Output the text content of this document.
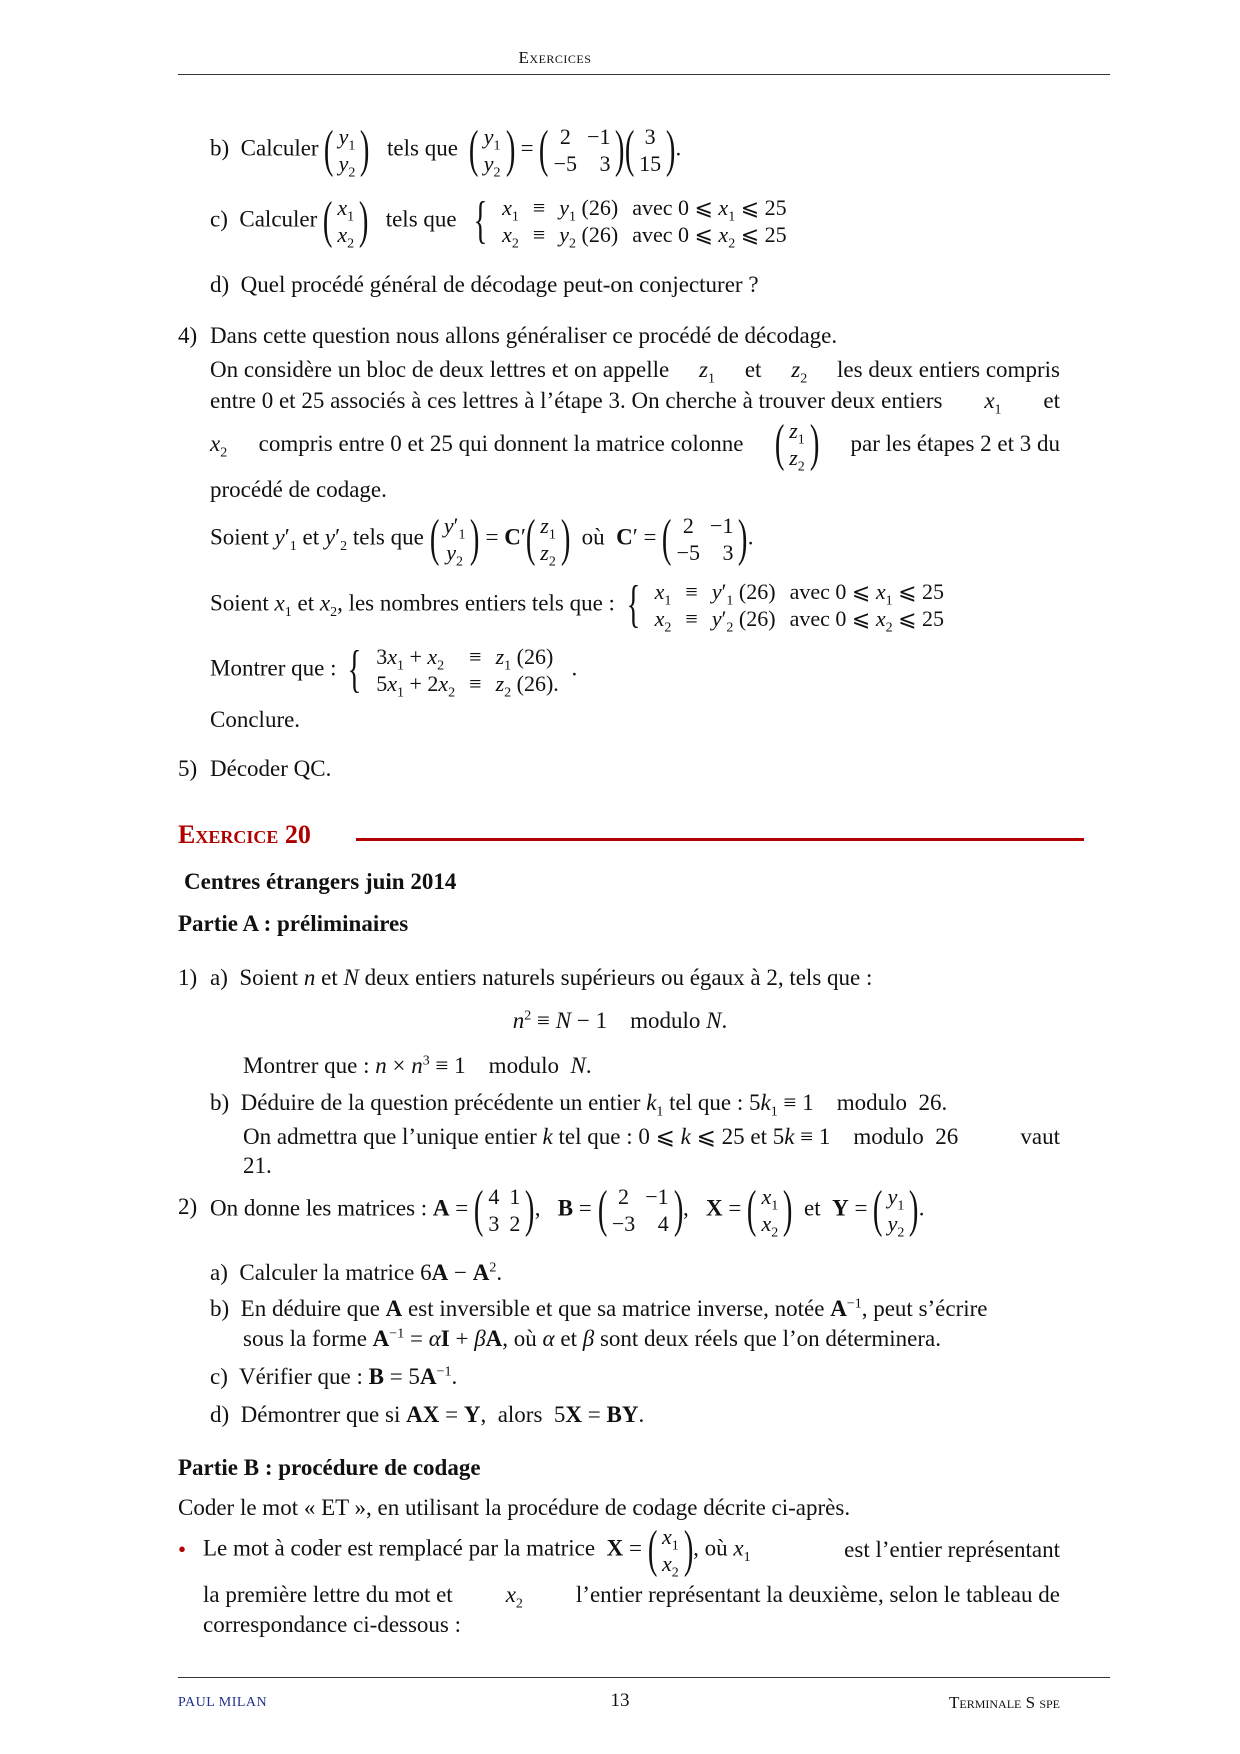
Exercices
b) Calculer ( $y_1$
$y_2$ ) tels que ( $y_1$
$y_2$ ) = ( 2	−1
−5	3 ) ( 3
15 ) .
c) Calculer ( $x_1$
$x_2$ ) tels que { $x_1$	≡	$y_1$ (26)	avec 0 ⩽ $x_1$ ⩽ 25
$x_2$	≡	$y_2$ (26)	avec 0 ⩽ $x_2$ ⩽ 25
d) Quel procédé général de décodage peut-on conjecturer ?
4) Dans cette question nous allons généraliser ce procédé de décodage.
On considère un bloc de deux lettres et on appelle $z_1$ et $z_2$ les deux entiers compris
entre 0 et 25 associés à ces lettres à l’étape 3. On cherche à trouver deux entiers $x_1$ et
$x_2$ compris entre 0 et 25 qui donnent la matrice colonne ( $z_1$
$z_2$ ) par les étapes 2 et 3 du
procédé de codage.
Soient $y'_1$ et $y'_2$ tels que ( $y'_1$
$y_2$ ) = C′ ( $z_1$
$z_2$ ) où C′ = ( 2	−1
−5	3 ) .
Soient $x_1$ et $x_2$, les nombres entiers tels que : { $x_1$	≡	$y'_1$ (26)	avec 0 ⩽ $x_1$ ⩽ 25
$x_2$	≡	$y'_2$ (26)	avec 0 ⩽ $x_2$ ⩽ 25
Montrer que : { $3x_1 + x_2$	≡	$z_1$ (26)
$5x_1 + 2x_2$	≡	$z_2$ (26).
.
Conclure.
5) Décoder QC.
Exercice 20
Centres étrangers juin 2014
Partie A : préliminaires
1) a)  Soient n et N deux entiers naturels supérieurs ou égaux à 2, tels que :
$n^2 \equiv N - 1$    modulo N.
Montrer que : $n \times n^3 \equiv 1$    modulo  N.
b) Déduire de la question précédente un entier $k_1$ tel que : $5k_1 \equiv 1$    modulo  26.
On admettra que l’unique entier k tel que : 0 ⩽ k ⩽ 25 et 5k ≡ 1    modulo  26	vaut
21.
2) On donne les matrices : A = ( 4	1
3	2 ) ,   B = ( 2	−1
−3	4 ) ,   X = ( $x_1$
$x_2$ ) et  Y = ( $y_1$
$y_2$ ) .
a) Calculer la matrice $6A - A^2$.
b) En déduire que A est inversible et que sa matrice inverse, notée $A^{-1}$, peut s’écrire
sous la forme $A^{-1} = \alpha I + \beta A$, où α et β sont deux réels que l’on déterminera.
c) Vérifier que : $B = 5A^{-1}$.
d) Démontrer que si AX = Y,  alors  5X = BY.
Partie B : procédure de codage
Coder le mot « ET », en utilisant la procédure de codage décrite ci-après.
• Le mot à coder est remplacé par la matrice X = ( $x_1$
$x_2$ ) , où $x_1$	est l’entier représentant
la première lettre du mot et $x_2$ l’entier représentant la deuxième, selon le tableau de
correspondance ci-dessous :
PAUL MILAN	13	Terminale S spe
